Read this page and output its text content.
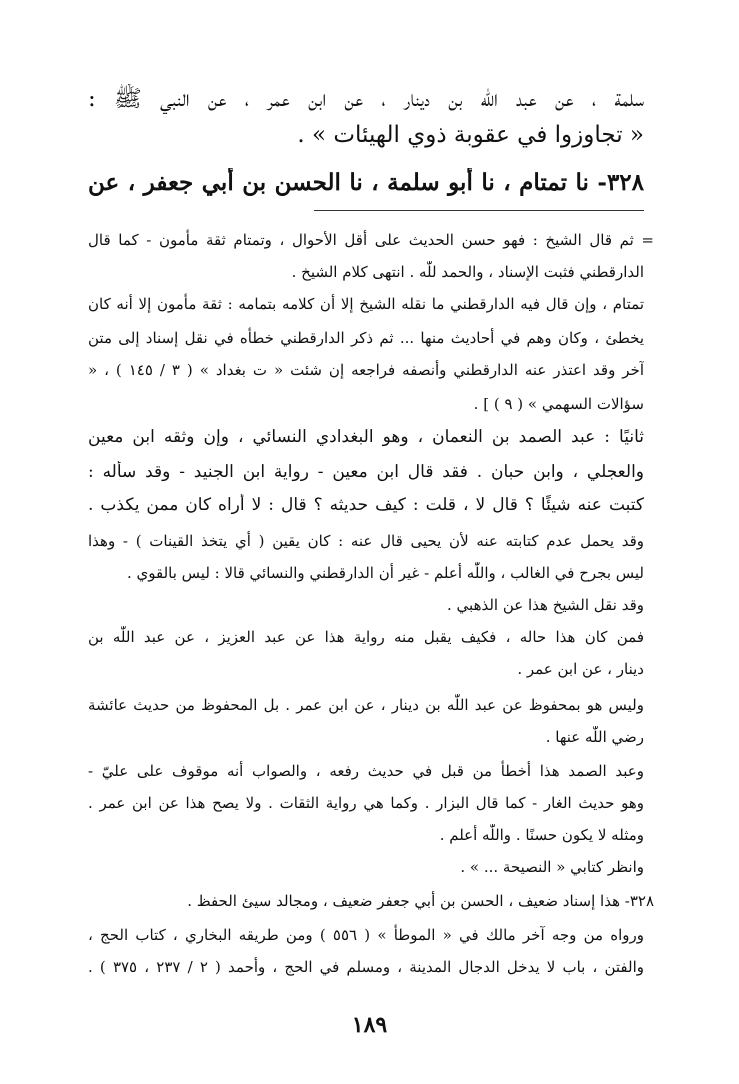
سلمة ، عن عبد اللّٰه بن دينار ، عن ابن عمر ، عن النبي ﷺ :
« تجاوزوا في عقوبة ذوي الهيئات » .
٣٢٨- نا تمتام ، نا أبو سلمة ، نا الحسن بن أبي جعفر ، عن
= ثم قال الشيخ : فهو حسن الحديث على أقل الأحوال ، وتمتام ثقة مأمون - كما قال
الدارقطني فثبت الإسناد ، والحمد للّٰه . انتهى كلام الشيخ .
تمتام ، وإن قال فيه الدارقطني ما نقله الشيخ إلا أن كلامه بتمامه : ثقة مأمون إلا أنه كان
يخطئ ، وكان وهم في أحاديث منها ... ثم ذكر الدارقطني خطأه في نقل إسناد إلى متن
آخر وقد اعتذر عنه الدارقطني وأنصفه فراجعه إن شئت « ت بغداد » ( ٣ / ١٤٥ ) ، «
سؤالات السهمي » ( ٩ ) ] .
ثانيًا : عبد الصمد بن النعمان ، وهو البغدادي النسائي ، وإن وثقه ابن معين
والعجلي ، وابن حبان . فقد قال ابن معين - رواية ابن الجنيد - وقد سأله :
كتبت عنه شيئًا ؟ قال لا ، قلت : كيف حديثه ؟ قال : لا أراه كان ممن يكذب .
وقد يحمل عدم كتابته عنه لأن يحيى قال عنه : كان يقين ( أي يتخذ القينات ) - وهذا
ليس بجرح في الغالب ، واللّٰه أعلم - غير أن الدارقطني والنسائي قالا : ليس بالقوي .
وقد نقل الشيخ هذا عن الذهبي .
فمن كان هذا حاله ، فكيف يقبل منه رواية هذا عن عبد العزيز ، عن عبد اللّٰه بن
دينار ، عن ابن عمر .
وليس هو بمحفوظ عن عبد اللّٰه بن دينار ، عن ابن عمر . بل المحفوظ من حديث عائشة
رضي اللّٰه عنها .
وعبد الصمد هذا أخطأ من قبل في حديث رفعه ، والصواب أنه موقوف على عليّ -
وهو حديث الغار - كما قال البزار . وكما هي رواية الثقات . ولا يصح هذا عن ابن عمر .
ومثله لا يكون حسنًا . واللّٰه أعلم .
وانظر كتابي « النصيحة ... » .
٣٢٨- هذا إسناد ضعيف ، الحسن بن أبي جعفر ضعيف ، ومجالد سيئ الحفظ .
ورواه من وجه آخر مالك في « الموطأ » ( ٥٥٦ ) ومن طريقه البخاري ، كتاب الحج ،
والفتن ، باب لا يدخل الدجال المدينة ، ومسلم في الحج ، وأحمد ( ٢ / ٢٣٧ ، ٣٧٥ ) .
١٨٩
